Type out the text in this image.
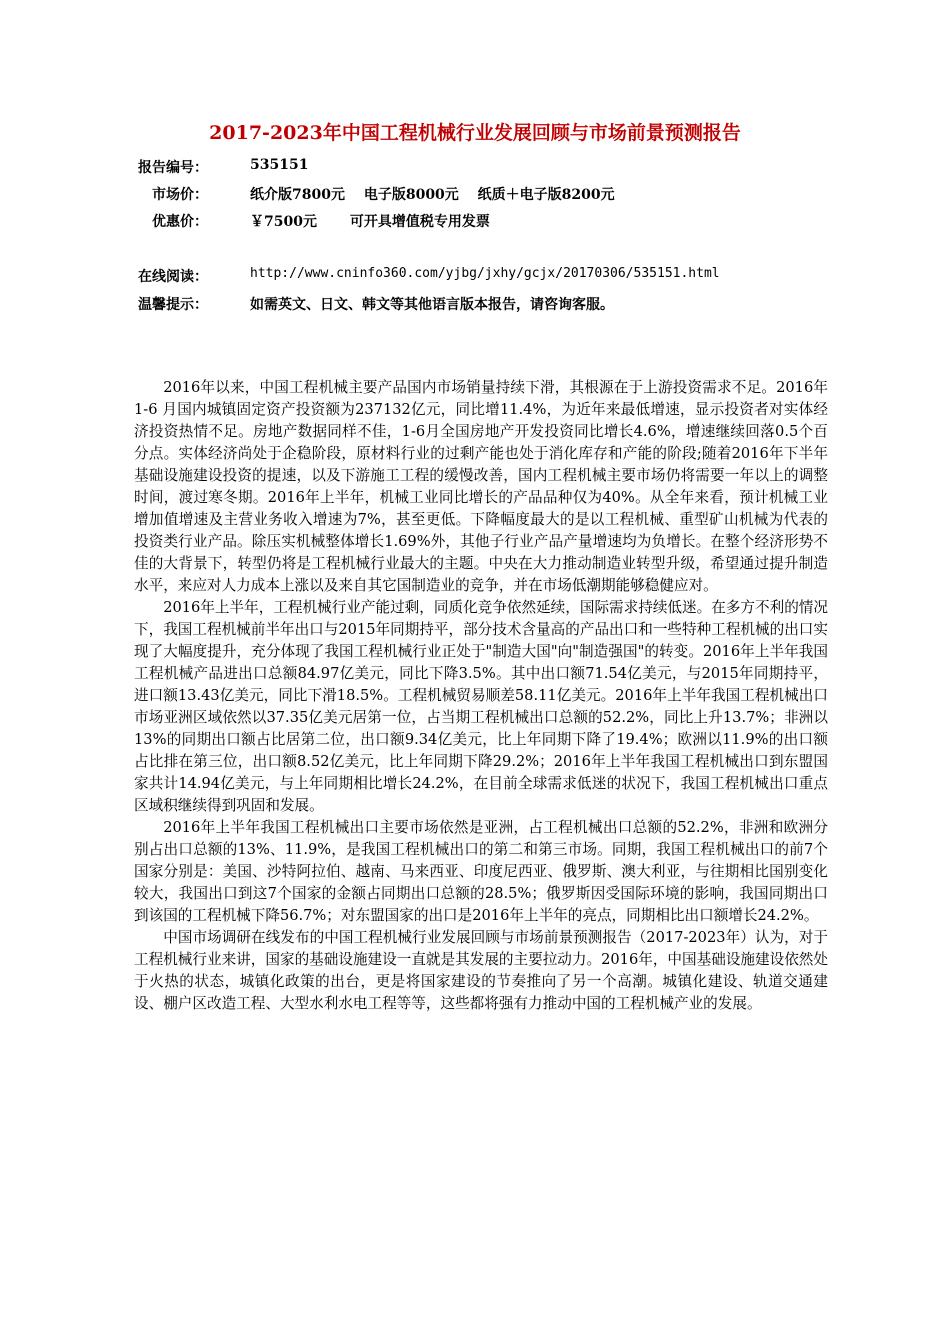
2017-2023年中国工程机械行业发展回顾与市场前景预测报告
报告编号：	535151
市场价：	纸介版7800元　 电子版8000元　 纸质＋电子版8200元
优惠价：	￥7500元　　 可开具增值税专用发票
在线阅读：	http://www.cninfo360.com/yjbg/jxhy/gcjx/20170306/535151.html
温馨提示：	如需英文、日文、韩文等其他语言版本报告，请咨询客服。

2016年以来，中国工程机械主要产品国内市场销量持续下滑，其根源在于上游投资需求不足。2016年1-6 月国内城镇固定资产投资额为237132亿元，同比增11.4%，为近年来最低增速，显示投资者对实体经济投资热情不足。房地产数据同样不佳，1-6月全国房地产开发投资同比增长4.6%，增速继续回落0.5个百分点。实体经济尚处于企稳阶段，原材料行业的过剩产能也处于消化库存和产能的阶段;随着2016年下半年基础设施建设投资的提速，以及下游施工工程的缓慢改善，国内工程机械主要市场仍将需要一年以上的调整时间，渡过寒冬期。2016年上半年，机械工业同比增长的产品品种仅为40%。从全年来看，预计机械工业增加值增速及主营业务收入增速为7%，甚至更低。下降幅度最大的是以工程机械、重型矿山机械为代表的投资类行业产品。除压实机械整体增长1.69%外，其他子行业产品产量增速均为负增长。在整个经济形势不佳的大背景下，转型仍将是工程机械行业最大的主题。中央在大力推动制造业转型升级，希望通过提升制造水平，来应对人力成本上涨以及来自其它国制造业的竞争，并在市场低潮期能够稳健应对。

2016年上半年，工程机械行业产能过剩，同质化竞争依然延续，国际需求持续低迷。在多方不利的情况下，我国工程机械前半年出口与2015年同期持平，部分技术含量高的产品出口和一些特种工程机械的出口实现了大幅度提升，充分体现了我国工程机械行业正处于"制造大国"向"制造强国"的转变。2016年上半年我国工程机械产品进出口总额84.97亿美元，同比下降3.5%。其中出口额71.54亿美元，与2015年同期持平，进口额13.43亿美元，同比下滑18.5%。工程机械贸易顺差58.11亿美元。2016年上半年我国工程机械出口市场亚洲区域依然以37.35亿美元居第一位，占当期工程机械出口总额的52.2%，同比上升13.7%；非洲以13%的同期出口额占比居第二位，出口额9.34亿美元，比上年同期下降了19.4%；欧洲以11.9%的出口额占比排在第三位，出口额8.52亿美元，比上年同期下降29.2%；2016年上半年我国工程机械出口到东盟国家共计14.94亿美元，与上年同期相比增长24.2%，在目前全球需求低迷的状况下，我国工程机械出口重点区域积继续得到巩固和发展。

2016年上半年我国工程机械出口主要市场依然是亚洲，占工程机械出口总额的52.2%，非洲和欧洲分别占出口总额的13%、11.9%，是我国工程机械出口的第二和第三市场。同期，我国工程机械出口的前7个国家分别是：美国、沙特阿拉伯、越南、马来西亚、印度尼西亚、俄罗斯、澳大利亚，与往期相比国别变化较大，我国出口到这7个国家的金额占同期出口总额的28.5%；俄罗斯因受国际环境的影响，我国同期出口到该国的工程机械下降56.7%；对东盟国家的出口是2016年上半年的亮点，同期相比出口额增长24.2%。

中国市场调研在线发布的中国工程机械行业发展回顾与市场前景预测报告（2017-2023年）认为，对于工程机械行业来讲，国家的基础设施建设一直就是其发展的主要拉动力。2016年，中国基础设施建设依然处于火热的状态，城镇化政策的出台，更是将国家建设的节奏推向了另一个高潮。城镇化建设、轨道交通建设、棚户区改造工程、大型水利水电工程等等，这些都将强有力推动中国的工程机械产业的发展。
